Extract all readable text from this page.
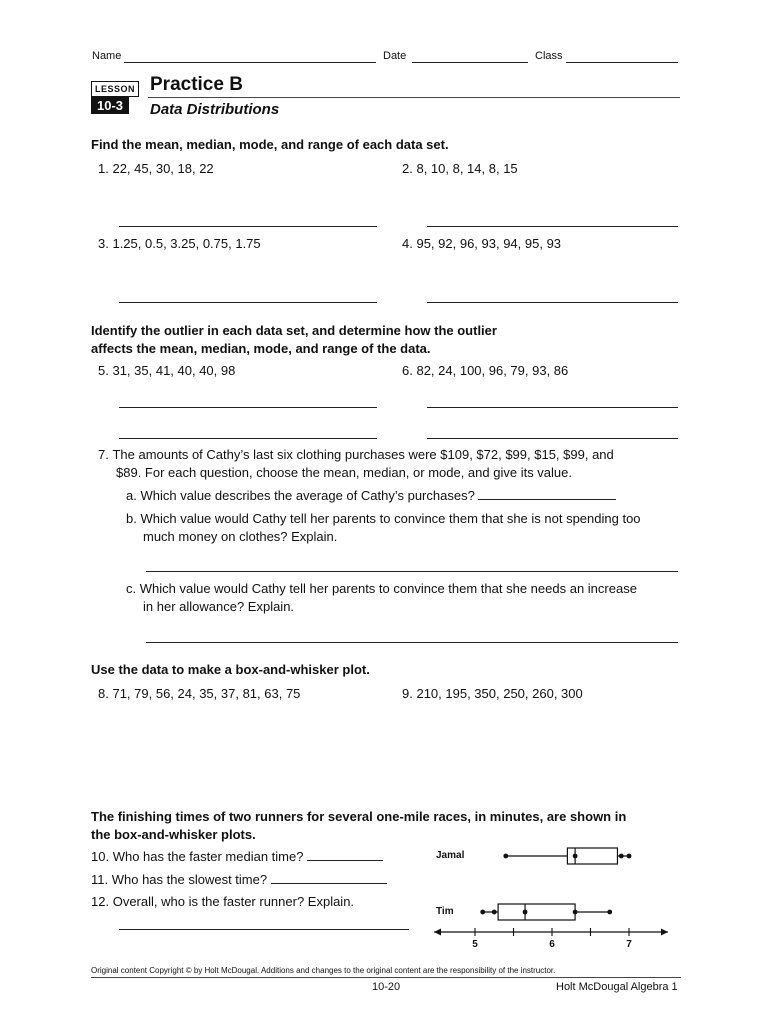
Name	Date	Class
LESSON
10-3
Practice B
Data Distributions
Find the mean, median, mode, and range of each data set.
1. 22, 45, 30, 18, 22	2. 8, 10, 8, 14, 8, 15
3. 1.25, 0.5, 3.25, 0.75, 1.75	4. 95, 92, 96, 93, 94, 95, 93
Identify the outlier in each data set, and determine how the outlier
affects the mean, median, mode, and range of the data.
5. 31, 35, 41, 40, 40, 98	6. 82, 24, 100, 96, 79, 93, 86
7. The amounts of Cathy’s last six clothing purchases were $109, $72, $99, $15, $99, and
$89. For each question, choose the mean, median, or mode, and give its value.
a. Which value describes the average of Cathy’s purchases?
b. Which value would Cathy tell her parents to convince them that she is not spending too
much money on clothes? Explain.
c. Which value would Cathy tell her parents to convince them that she needs an increase
in her allowance? Explain.
Use the data to make a box-and-whisker plot.
8. 71, 79, 56, 24, 35, 37, 81, 63, 75	9. 210, 195, 350, 250, 260, 300
The finishing times of two runners for several one-mile races, in minutes, are shown in
the box-and-whisker plots.
10. Who has the faster median time?
11. Who has the slowest time?
12. Overall, who is the faster runner? Explain.
Jamal
Tim
5	6	7
Original content Copyright © by Holt McDougal. Additions and changes to the original content are the responsibility of the instructor.
10-20	Holt McDougal Algebra 1
